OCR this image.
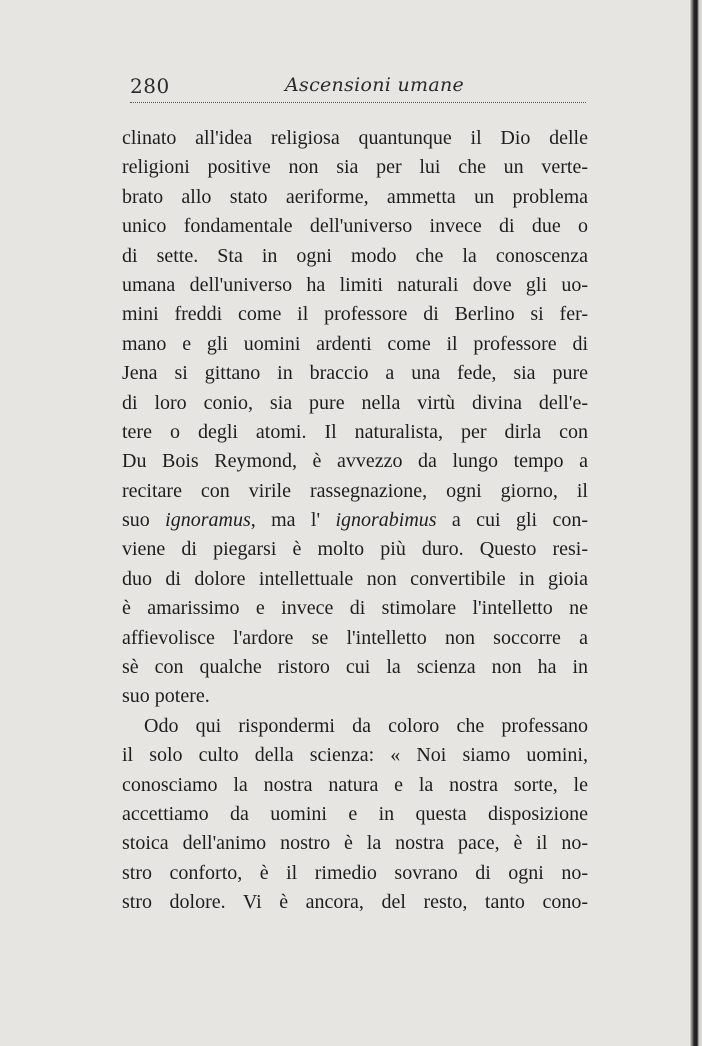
280	Ascensioni umane
clinato all'idea religiosa quantunque il Dio delle
religioni positive non sia per lui che un verte-
brato allo stato aeriforme, ammetta un problema
unico fondamentale dell'universo invece di due o
di sette. Sta in ogni modo che la conoscenza
umana dell'universo ha limiti naturali dove gli uo-
mini freddi come il professore di Berlino si fer-
mano e gli uomini ardenti come il professore di
Jena si gittano in braccio a una fede, sia pure
di loro conio, sia pure nella virtù divina dell'e-
tere o degli atomi. Il naturalista, per dirla con
Du Bois Reymond, è avvezzo da lungo tempo a
recitare con virile rassegnazione, ogni giorno, il
suo ignoramus, ma l' ignorabimus a cui gli con-
viene di piegarsi è molto più duro. Questo resi-
duo di dolore intellettuale non convertibile in gioia
è amarissimo e invece di stimolare l'intelletto ne
affievolisce l'ardore se l'intelletto non soccorre a
sè con qualche ristoro cui la scienza non ha in
suo potere.
Odo qui rispondermi da coloro che professano
il solo culto della scienza: « Noi siamo uomini,
conosciamo la nostra natura e la nostra sorte, le
accettiamo da uomini e in questa disposizione
stoica dell'animo nostro è la nostra pace, è il no-
stro conforto, è il rimedio sovrano di ogni no-
stro dolore. Vi è ancora, del resto, tanto cono-
